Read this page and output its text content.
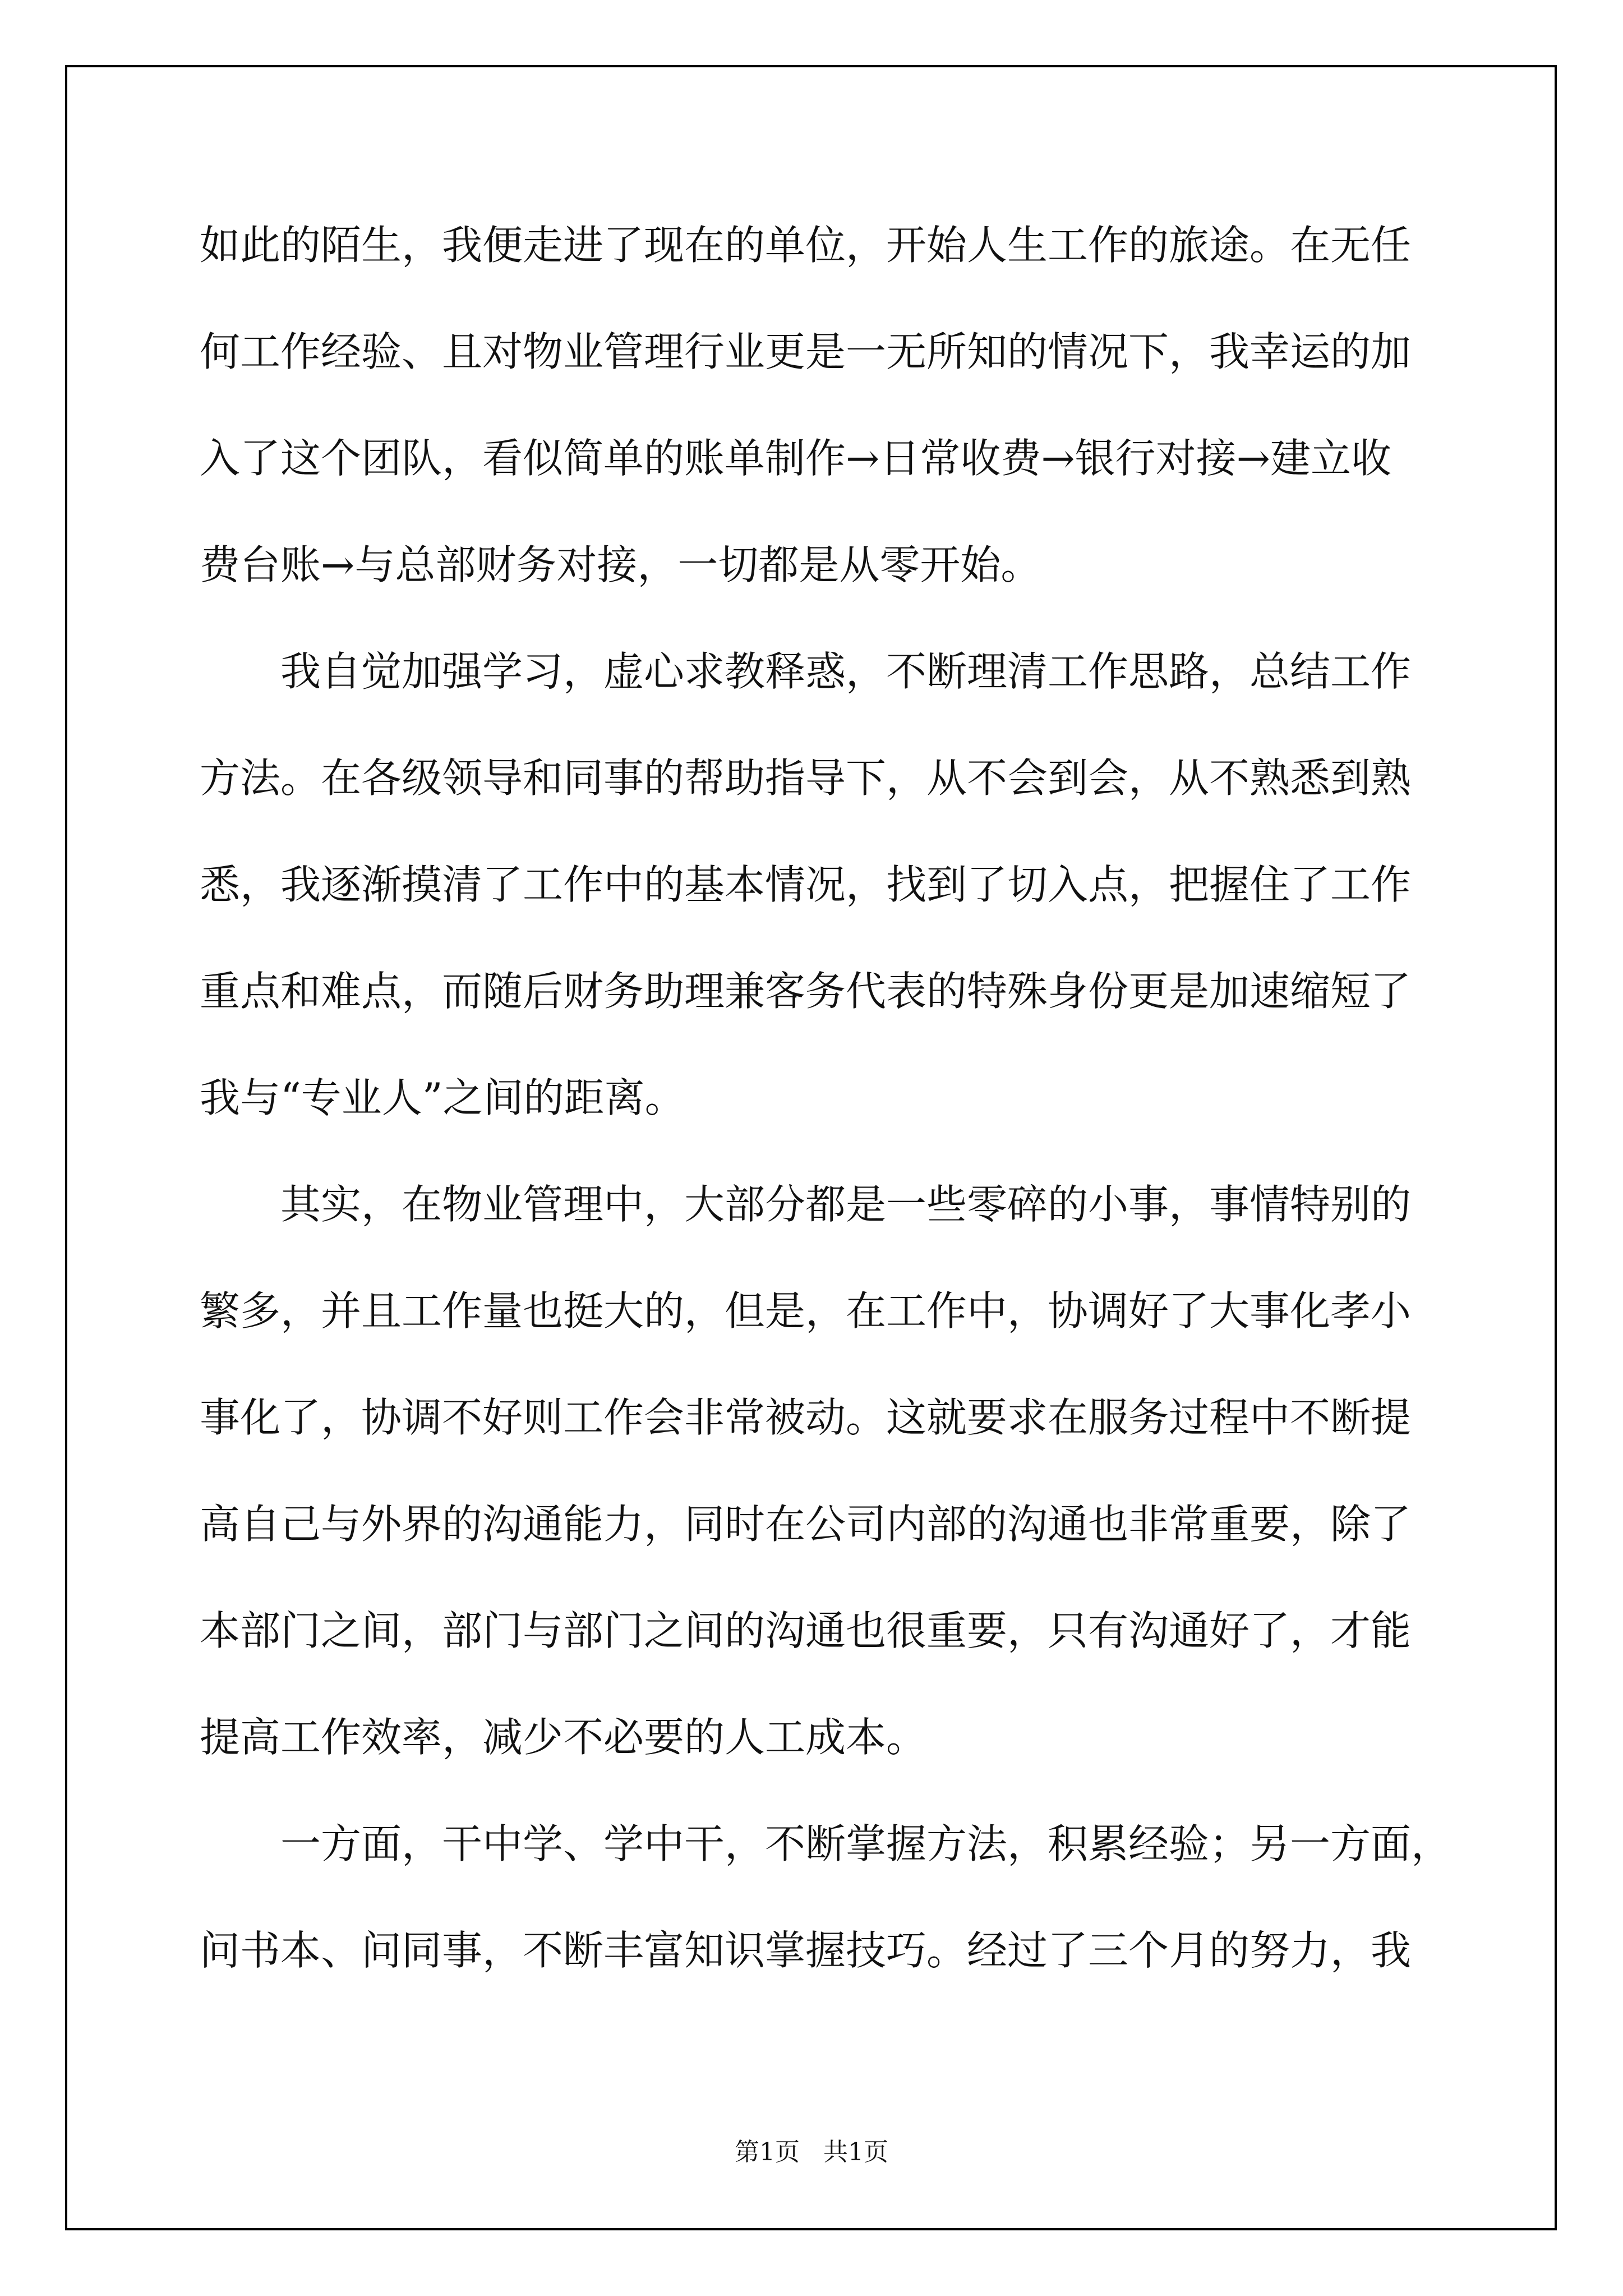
如此的陌生，我便走进了现在的单位，开始人生工作的旅途。在无任

何工作经验、且对物业管理行业更是一无所知的情况下，我幸运的加

入了这个团队，看似简单的账单制作→日常收费→银行对接→建立收

费台账→与总部财务对接，一切都是从零开始。

我自觉加强学习，虚心求教释惑，不断理清工作思路，总结工作

方法。在各级领导和同事的帮助指导下，从不会到会，从不熟悉到熟

悉，我逐渐摸清了工作中的基本情况，找到了切入点，把握住了工作

重点和难点，而随后财务助理兼客务代表的特殊身份更是加速缩短了

我与“专业人”之间的距离。

其实，在物业管理中，大部分都是一些零碎的小事，事情特别的

繁多，并且工作量也挺大的，但是，在工作中，协调好了大事化孝小

事化了，协调不好则工作会非常被动。这就要求在服务过程中不断提

高自己与外界的沟通能力，同时在公司内部的沟通也非常重要，除了

本部门之间，部门与部门之间的沟通也很重要，只有沟通好了，才能

提高工作效率，减少不必要的人工成本。

一方面，干中学、学中干，不断掌握方法，积累经验；另一方面，

问书本、问同事，不断丰富知识掌握技巧。经过了三个月的努力，我

第1页 共1页
